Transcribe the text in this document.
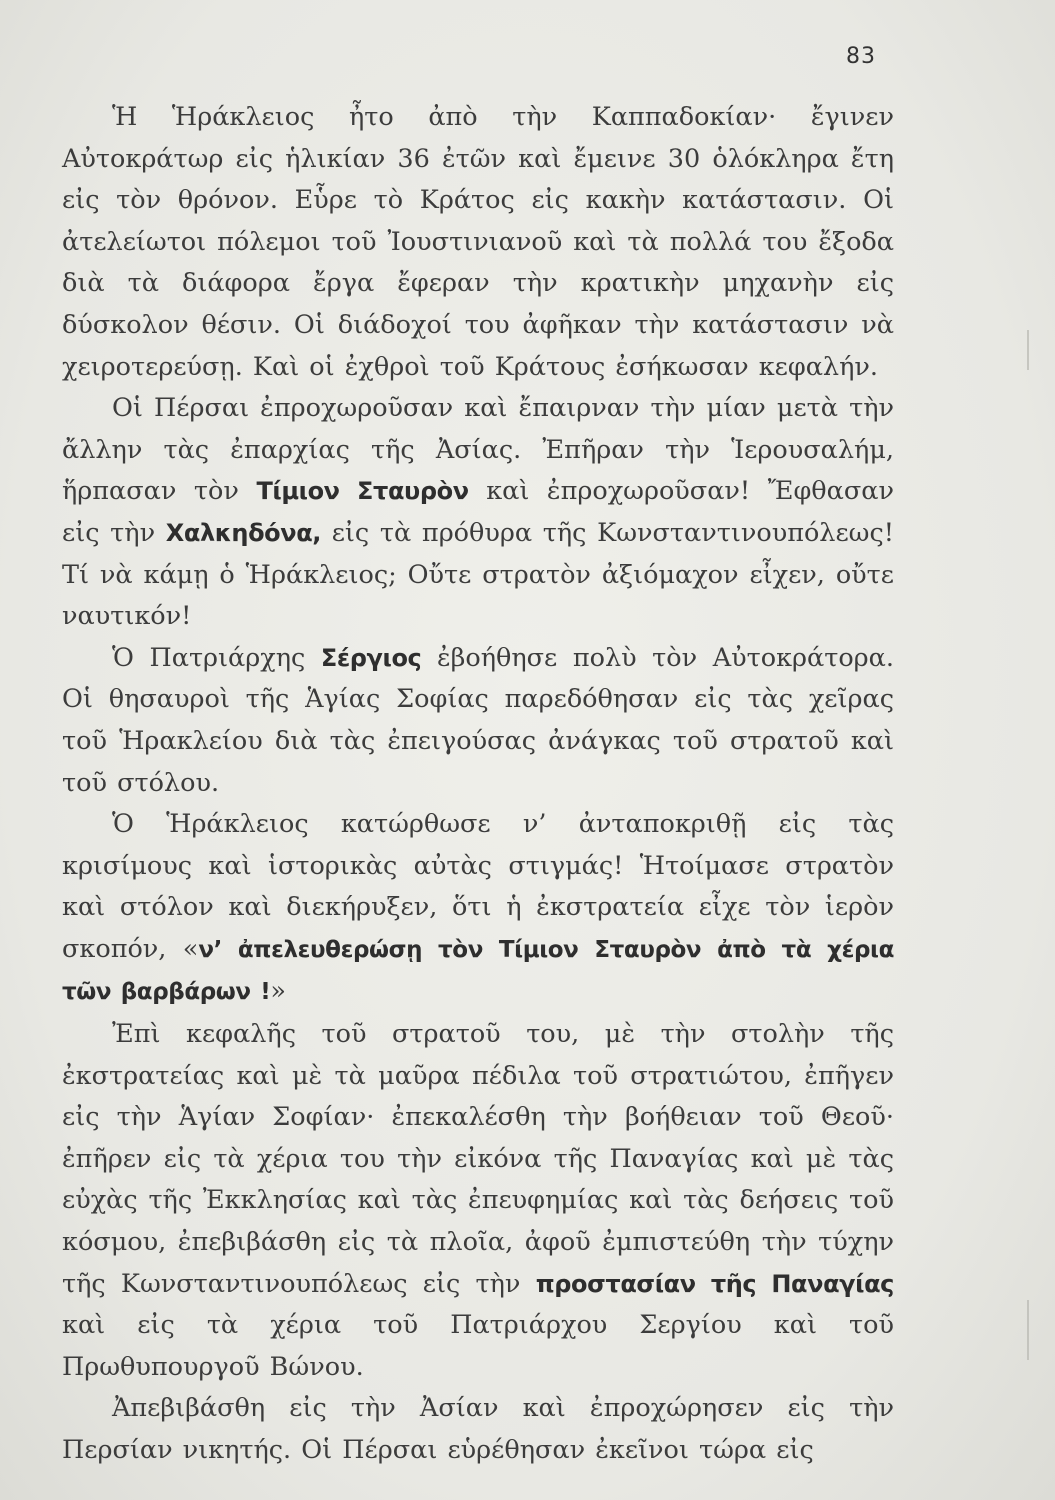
83

Ἡ Ἡράκλειος ἦτο ἀπὸ τὴν Καππαδοκίαν· ἔγινεν Αὐτοκράτωρ εἰς ἡλικίαν 36 ἐτῶν καὶ ἔμεινε 30 ὁλόκληρα ἔτη εἰς τὸν θρόνον. Εὗρε τὸ Κράτος εἰς κακὴν κατάστασιν. Οἱ ἀτελείωτοι πόλεμοι τοῦ Ἰουστινιανοῦ καὶ τὰ πολλά του ἔξοδα διὰ τὰ διάφορα ἔργα ἔφεραν τὴν κρατικὴν μηχανὴν εἰς δύσκολον θέσιν. Οἱ διάδοχοί του ἀφῆκαν τὴν κατάστασιν νὰ χειροτερεύσῃ. Καὶ οἱ ἐχθροὶ τοῦ Κράτους ἐσήκωσαν κεφαλήν.

Οἱ Πέρσαι ἐπροχωροῦσαν καὶ ἔπαιρναν τὴν μίαν μετὰ τὴν ἄλλην τὰς ἐπαρχίας τῆς Ἀσίας. Ἐπῆραν τὴν Ἱερουσαλήμ, ἥρπασαν τὸν Τίμιον Σταυρὸν καὶ ἐπροχωροῦσαν! Ἔφθασαν εἰς τὴν Χαλκηδόνα, εἰς τὰ πρόθυρα τῆς Κωνσταντινουπόλεως! Τί νὰ κάμῃ ὁ Ἡράκλειος; Οὔτε στρατὸν ἀξιόμαχον εἶχεν, οὔτε ναυτικόν!

Ὁ Πατριάρχης Σέργιος ἐβοήθησε πολὺ τὸν Αὐτοκράτορα. Οἱ θησαυροὶ τῆς Ἁγίας Σοφίας παρεδόθησαν εἰς τὰς χεῖρας τοῦ Ἡρακλείου διὰ τὰς ἐπειγούσας ἀνάγκας τοῦ στρατοῦ καὶ τοῦ στόλου.

Ὁ Ἡράκλειος κατώρθωσε ν’ ἀνταποκριθῇ εἰς τὰς κρισίμους καὶ ἱστορικὰς αὐτὰς στιγμάς! Ἡτοίμασε στρατὸν καὶ στόλον καὶ διεκήρυξεν, ὅτι ἡ ἐκστρατεία εἶχε τὸν ἱερὸν σκοπόν, «ν’ ἀπελευθερώσῃ τὸν Τίμιον Σταυρὸν ἀπὸ τὰ χέρια τῶν βαρβάρων !»

Ἐπὶ κεφαλῆς τοῦ στρατοῦ του, μὲ τὴν στολὴν τῆς ἐκστρατείας καὶ μὲ τὰ μαῦρα πέδιλα τοῦ στρατιώτου, ἐπῆγεν εἰς τὴν Ἁγίαν Σοφίαν· ἐπεκαλέσθη τὴν βοήθειαν τοῦ Θεοῦ· ἐπῆρεν εἰς τὰ χέρια του τὴν εἰκόνα τῆς Παναγίας καὶ μὲ τὰς εὐχὰς τῆς Ἐκκλησίας καὶ τὰς ἐπευφημίας καὶ τὰς δεήσεις τοῦ κόσμου, ἐπεβιβάσθη εἰς τὰ πλοῖα, ἀφοῦ ἐμπιστεύθη τὴν τύχην τῆς Κωνσταντινουπόλεως εἰς τὴν προστασίαν τῆς Παναγίας καὶ εἰς τὰ χέρια τοῦ Πατριάρχου Σεργίου καὶ τοῦ Πρωθυπουργοῦ Βώνου.

Ἀπεβιβάσθη εἰς τὴν Ἀσίαν καὶ ἐπροχώρησεν εἰς τὴν Περσίαν νικητής. Οἱ Πέρσαι εὑρέθησαν ἐκεῖνοι τώρα εἰς
